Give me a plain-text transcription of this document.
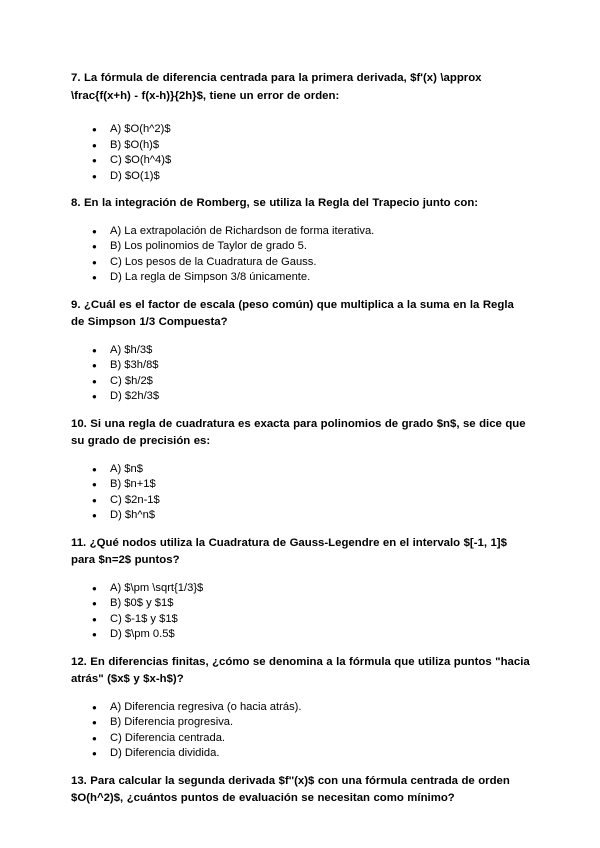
7. La fórmula de diferencia centrada para la primera derivada, $f'(x) \approx \frac{f(x+h) - f(x-h)}{2h}$, tiene un error de orden:

● A) $O(h^2)$
● B) $O(h)$
● C) $O(h^4)$
● D) $O(1)$

8. En la integración de Romberg, se utiliza la Regla del Trapecio junto con:

● A) La extrapolación de Richardson de forma iterativa.
● B) Los polinomios de Taylor de grado 5.
● C) Los pesos de la Cuadratura de Gauss.
● D) La regla de Simpson 3/8 únicamente.

9. ¿Cuál es el factor de escala (peso común) que multiplica a la suma en la Regla de Simpson 1/3 Compuesta?

● A) $h/3$
● B) $3h/8$
● C) $h/2$
● D) $2h/3$

10. Si una regla de cuadratura es exacta para polinomios de grado $n$, se dice que su grado de precisión es:

● A) $n$
● B) $n+1$
● C) $2n-1$
● D) $h^n$

11. ¿Qué nodos utiliza la Cuadratura de Gauss-Legendre en el intervalo $[-1, 1]$ para $n=2$ puntos?

● A) $\pm \sqrt{1/3}$
● B) $0$ y $1$
● C) $-1$ y $1$
● D) $\pm 0.5$

12. En diferencias finitas, ¿cómo se denomina a la fórmula que utiliza puntos "hacia atrás" ($x$ y $x-h$)?

● A) Diferencia regresiva (o hacia atrás).
● B) Diferencia progresiva.
● C) Diferencia centrada.
● D) Diferencia dividida.

13. Para calcular la segunda derivada $f''(x)$ con una fórmula centrada de orden $O(h^2)$, ¿cuántos puntos de evaluación se necesitan como mínimo?
